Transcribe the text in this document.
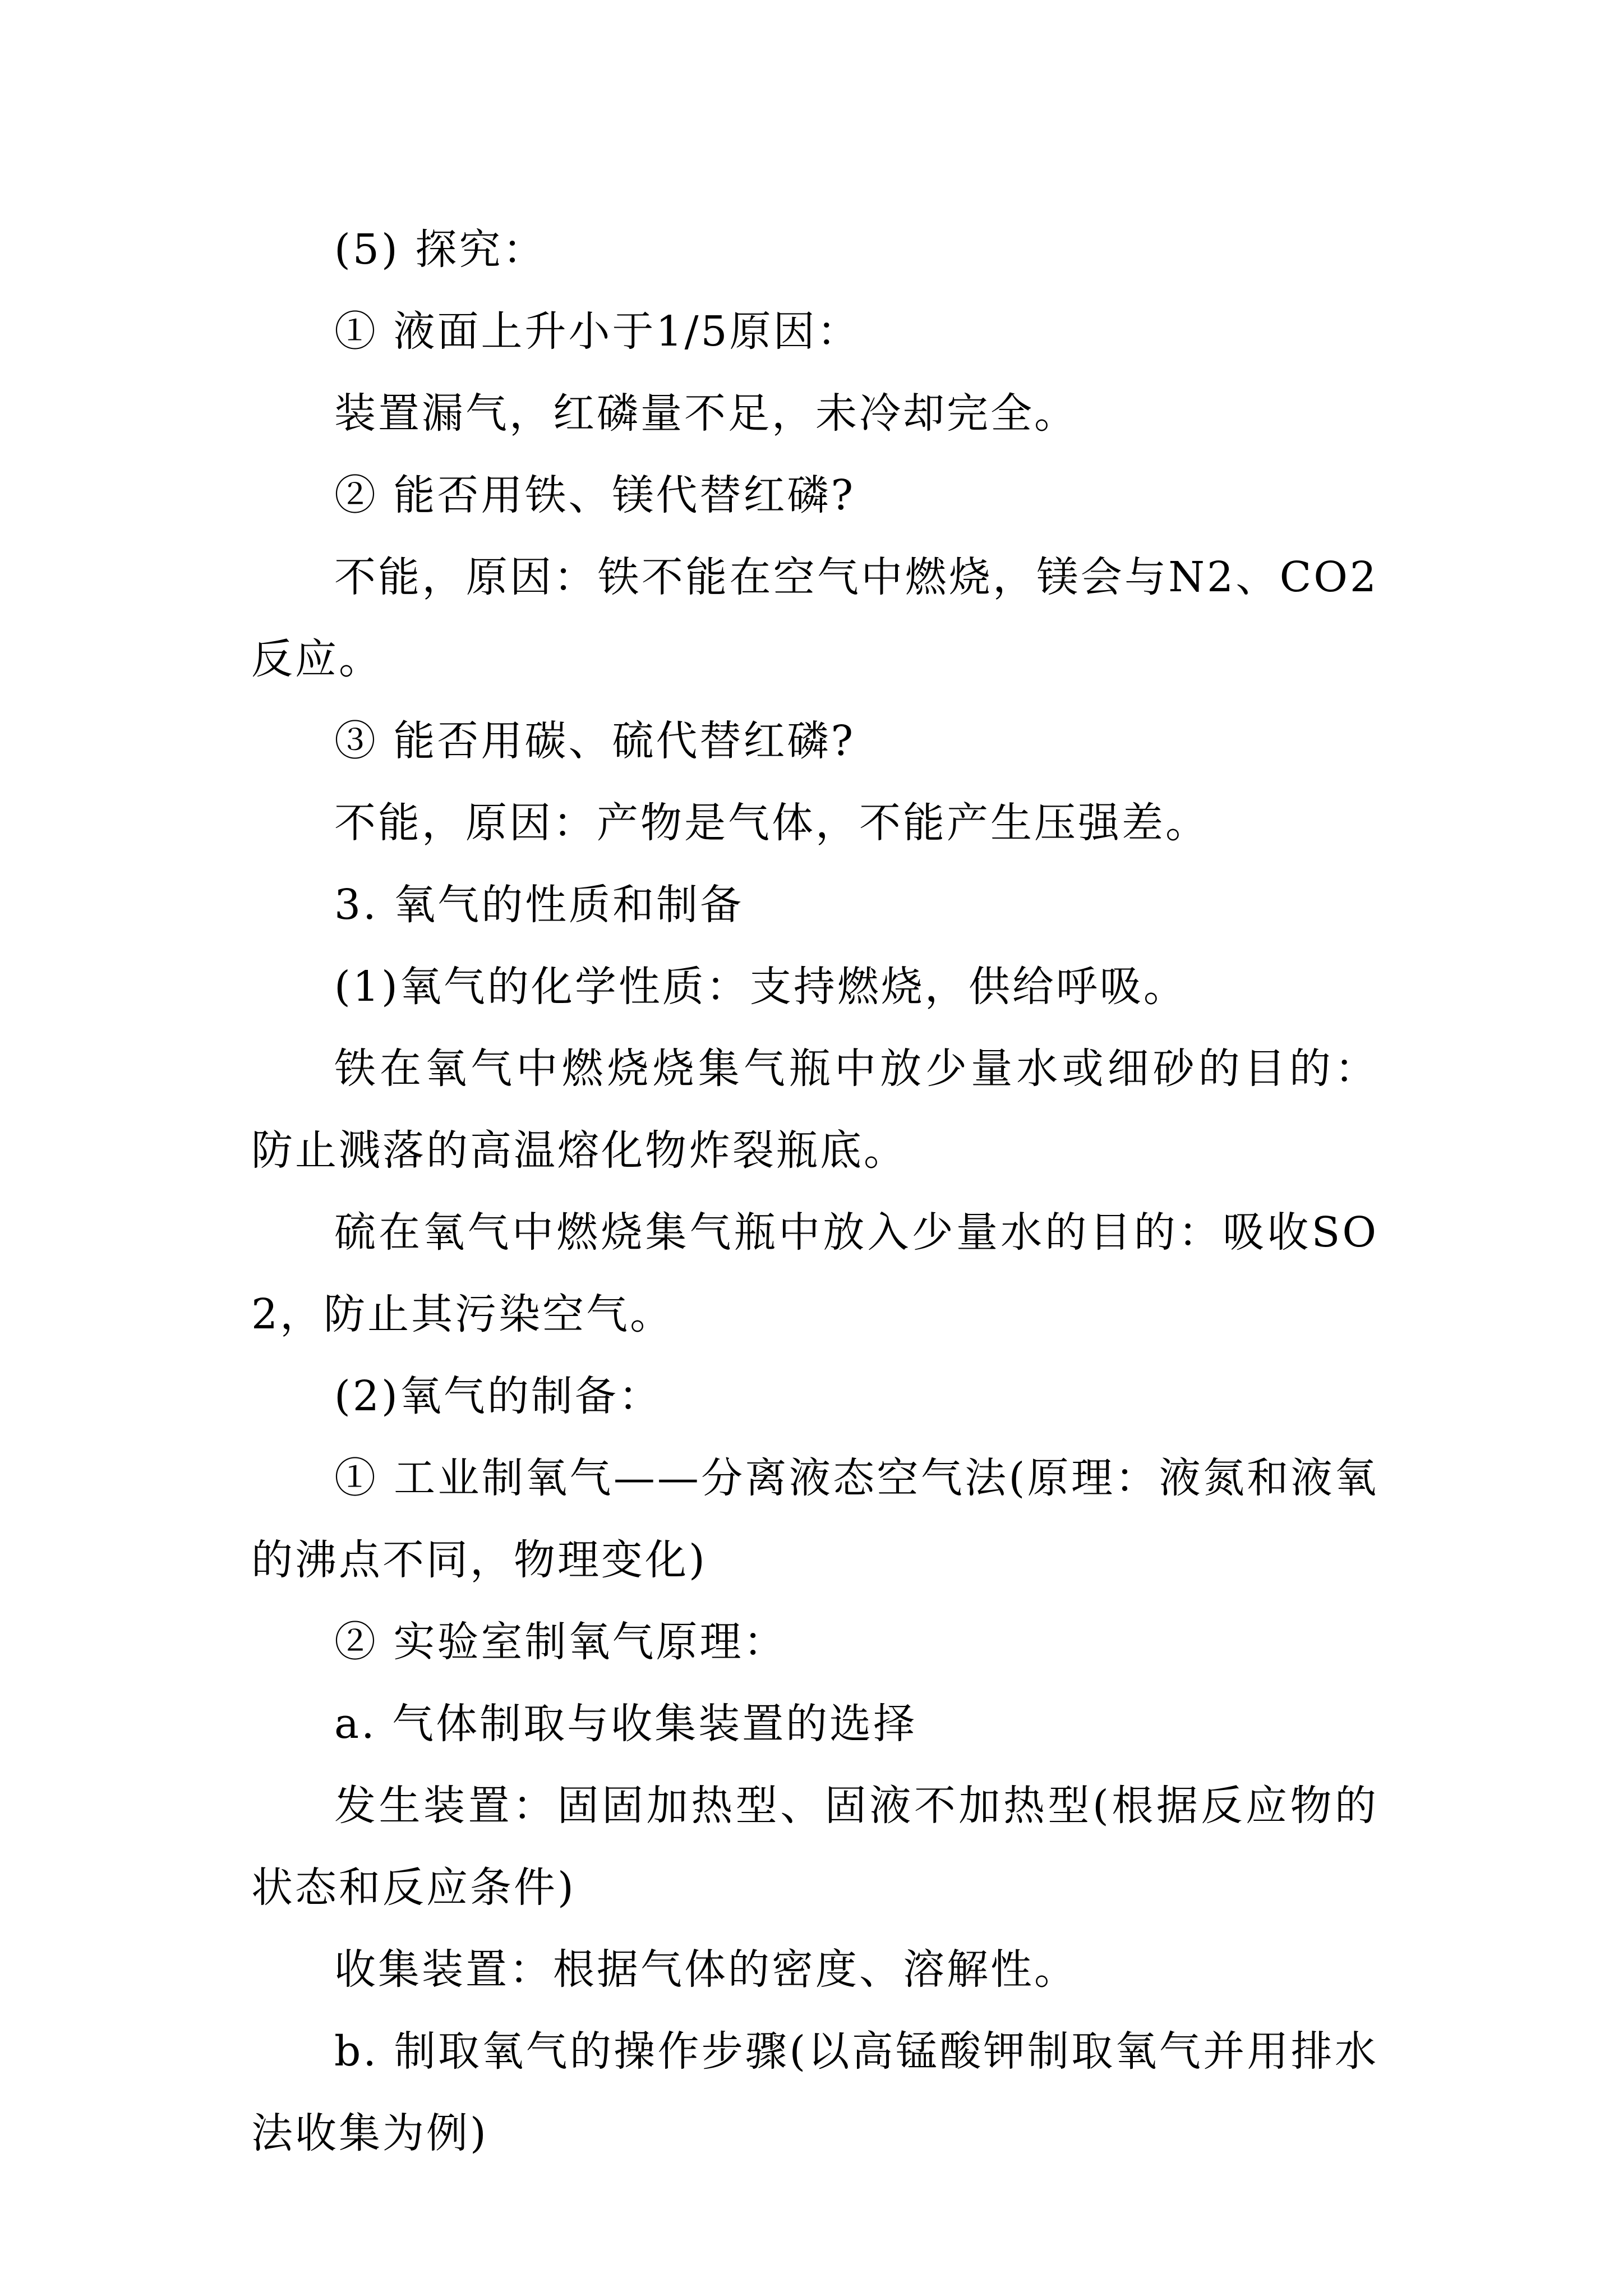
(5) 探究：

① 液面上升小于1/5原因：

装置漏气，红磷量不足，未冷却完全。

② 能否用铁、镁代替红磷?

不能，原因：铁不能在空气中燃烧，镁会与N2、CO2反应。

③ 能否用碳、硫代替红磷?

不能，原因：产物是气体，不能产生压强差。

3. 氧气的性质和制备

(1)氧气的化学性质：支持燃烧，供给呼吸。

铁在氧气中燃烧烧集气瓶中放少量水或细砂的目的：防止溅落的高温熔化物炸裂瓶底。

硫在氧气中燃烧集气瓶中放入少量水的目的：吸收SO2，防止其污染空气。

(2)氧气的制备：

① 工业制氧气——分离液态空气法(原理：液氮和液氧的沸点不同，物理变化)

② 实验室制氧气原理：

a. 气体制取与收集装置的选择

发生装置：固固加热型、固液不加热型(根据反应物的状态和反应条件)

收集装置：根据气体的密度、溶解性。

b. 制取氧气的操作步骤(以高锰酸钾制取氧气并用排水法收集为例)
